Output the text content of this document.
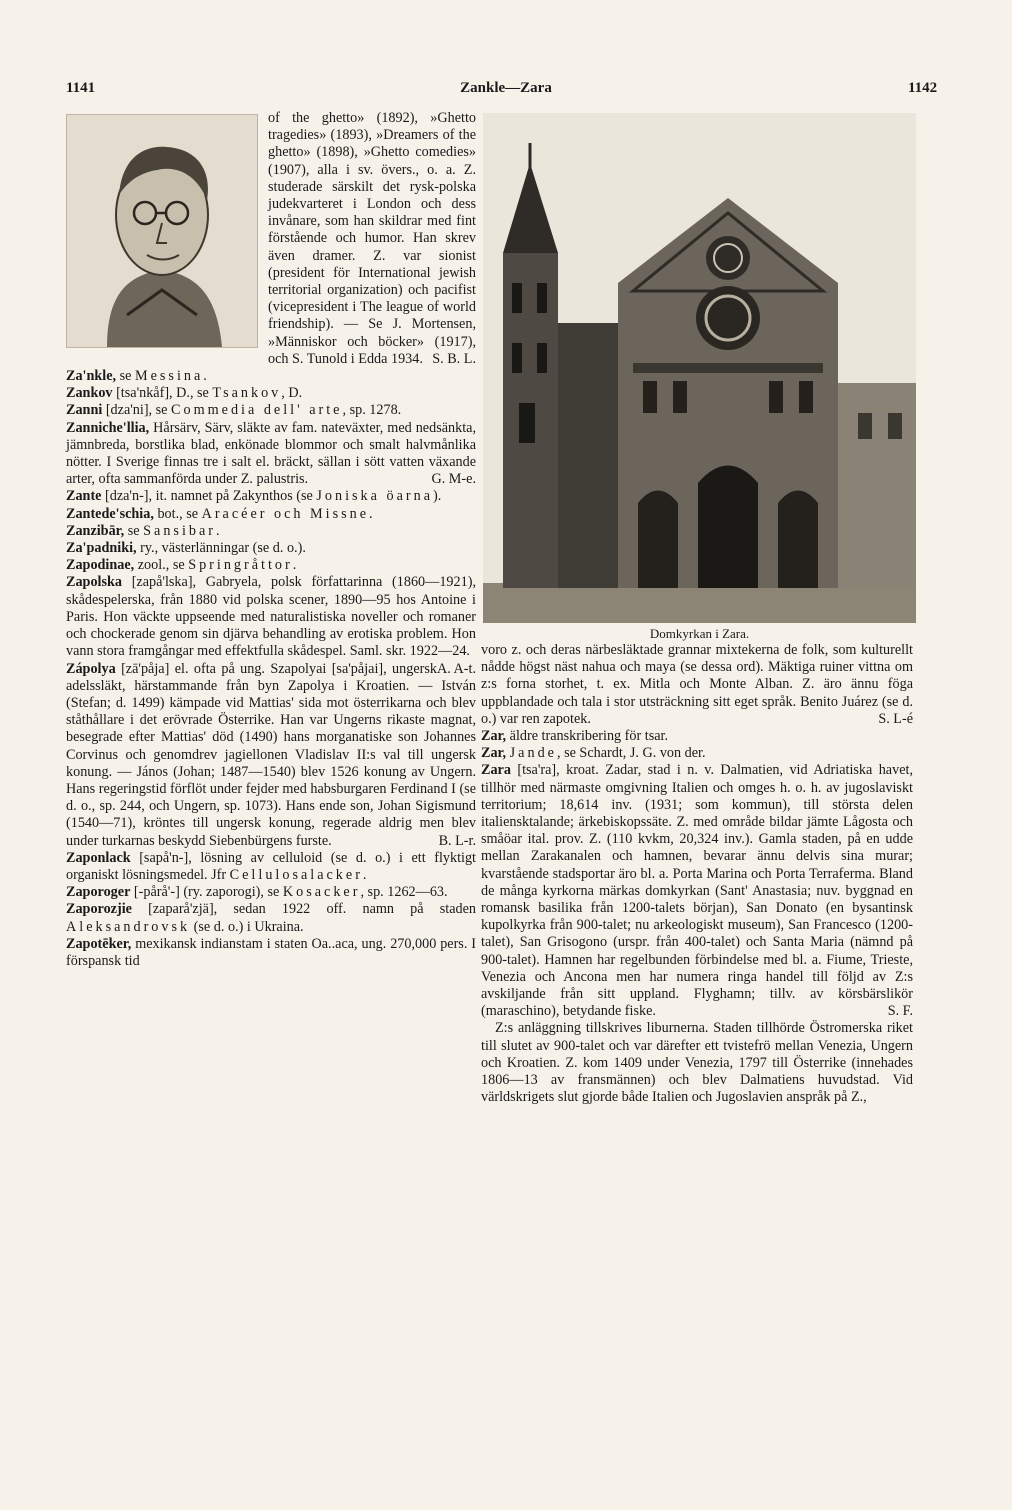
1141	Zankle—Zara	1142

of the ghetto» (1892), »Ghetto tragedies» (1893), »Dreamers of the ghetto» (1898), »Ghetto comedies» (1907), alla i sv. övers., o. a. Z. studerade särskilt det rysk-polska judekvarteret i London och dess invånare, som han skildrar med fint förstående och humor. Han skrev även dramer. Z. var sionist (president för International jewish territorial organization) och pacifist (vicepresident i The league of world friendship). — Se J. Mortensen, »Människor och böcker» (1917), och S. Tunold i Edda 1934. S. B. L.

Za'nkle, se Messina.

Zankov [tsa'nkåf], D., se Tsankov, D.

Zanni [dza'ni], se Commedia dell' arte, sp. 1278.

Zanniche'llia, Hårsärv, Särv, släkte av fam. nateväxter, med nedsänkta, jämnbreda, borstlika blad, enkönade blommor och smalt halvmånlika nötter. I Sverige finnas tre i salt el. bräckt, sällan i sött vatten växande arter, ofta sammanförda under Z. palustris.	G. M-e.

Zante [dza'n-], it. namnet på Zakynthos (se Joniska öarna).

Zantede'schia, bot., se Aracéer och Missne.

Zanzibār, se Sansibar.

Za'padniki, ry., västerlänningar (se d. o.).

Zapodinae, zool., se Springråttor.

Zapolska [zapå'lska], Gabryela, polsk författarinna (1860—1921), skådespelerska, från 1880 vid polska scener, 1890—95 hos Antoine i Paris. Hon väckte uppseende med naturalistiska noveller och romaner och chockerade genom sin djärva behandling av erotiska problem. Hon vann stora framgångar med effektfulla skådespel. Saml. skr. 1922—24.
A. A-t.

Zápolya [zā'påja] el. ofta på ung. Szapolyai [sa'påjai], ungersk adelssläkt, härstammande från byn Zapolya i Kroatien. — István (Stefan; d. 1499) kämpade vid Mattias' sida mot österrikarna och blev ståthållare i det erövrade Österrike. Han var Ungerns rikaste magnat, besegrade efter Mattias' död (1490) hans morganatiske son Johannes Corvinus och genomdrev jagiellonen Vladislav II:s val till ungersk konung. — János (Johan; 1487—1540) blev 1526 konung av Ungern. Hans regeringstid förflöt under fejder med habsburgaren Ferdinand I (se d. o., sp. 244, och Ungern, sp. 1073). Hans ende son, Johan Sigismund (1540—71), kröntes till ungersk konung, regerade aldrig men blev under turkarnas beskydd Siebenbürgens furste.	B. L-r.

Zaponlack [sapå'n-], lösning av celluloid (se d. o.) i ett flyktigt organiskt lösningsmedel. Jfr Cellulosalacker.

Zaporoger [-pårå'-] (ry. zaporogi), se Kosacker, sp. 1262—63.

Zaporozjie [zaparå'zjä], sedan 1922 off. namn på staden Aleksandrovsk (se d. o.) i Ukraina.

Zapotēker, mexikansk indianstam i staten Oa..aca, ung. 270,000 pers. I förspansk tid

Domkyrkan i Zara.

voro z. och deras närbesläktade grannar mixtekerna de folk, som kulturellt nådde högst näst nahua och maya (se dessa ord). Mäktiga ruiner vittna om z:s forna storhet, t. ex. Mitla och Monte Alban. Z. äro ännu föga uppblandade och tala i stor utsträckning sitt eget språk. Benito Juárez (se d. o.) var ren zapotek.	S. L-é

Zar, äldre transkribering för tsar.

Zar, Jande, se Schardt, J. G. von der.

Zara [tsa'ra], kroat. Zadar, stad i n. v. Dalmatien, vid Adriatiska havet, tillhör med närmaste omgivning Italien och omges h. o. h. av jugoslaviskt territorium; 18,614 inv. (1931; som kommun), till största delen italiensktalande; ärkebiskopssäte. Z. med område bildar jämte Lågosta och småöar ital. prov. Z. (110 kvkm, 20,324 inv.). Gamla staden, på en udde mellan Zarakanalen och hamnen, bevarar ännu delvis sina murar; kvarstående stadsportar äro bl. a. Porta Marina och Porta Terraferma. Bland de många kyrkorna märkas domkyrkan (Sant' Anastasia; nuv. byggnad en romansk basilika från 1200-talets början), San Donato (en bysantinsk kupolkyrka från 900-talet; nu arkeologiskt museum), San Francesco (1200-talet), San Grisogono (urspr. från 400-talet) och Santa Maria (nämnd på 900-talet). Hamnen har regelbunden förbindelse med bl. a. Fiume, Trieste, Venezia och Ancona men har numera ringa handel till följd av Z:s avskiljande från sitt uppland. Flyghamn; tillv. av körsbärslikör (maraschino), betydande fiske.	S. F.

Z:s anläggning tillskrives liburnerna. Staden tillhörde Östromerska riket till slutet av 900-talet och var därefter ett tvistefrö mellan Venezia, Ungern och Kroatien. Z. kom 1409 under Venezia, 1797 till Österrike (innehades 1806—13 av fransmännen) och blev Dalmatiens huvudstad. Vid världskrigets slut gjorde både Italien och Jugoslavien anspråk på Z.,
